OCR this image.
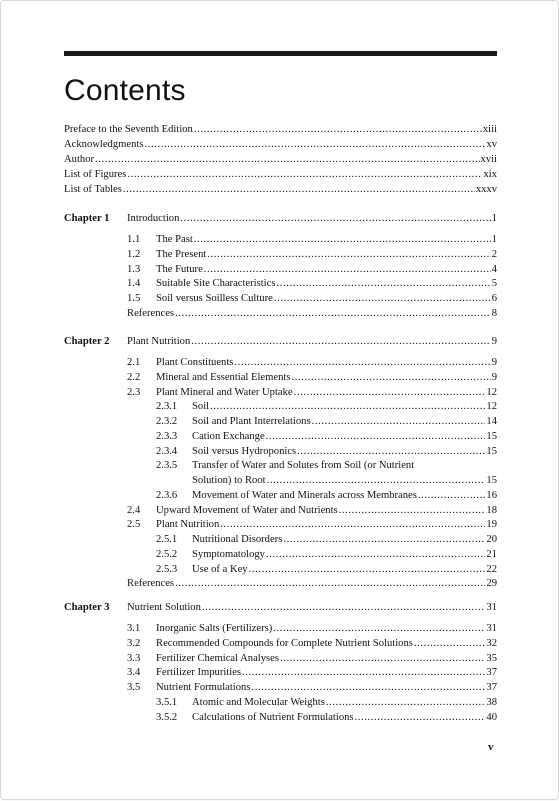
Contents
Preface to the Seventh Edition .....	xiii
Acknowledgments .....	xv
Author .....	xvii
List of Figures .....	xix
List of Tables .....	xxxv
Chapter 1 Introduction .....	1
1.1 The Past .....	1
1.2 The Present .....	2
1.3 The Future .....	4
1.4 Suitable Site Characteristics .....	5
1.5 Soil versus Soilless Culture .....	6
References .....	8
Chapter 2 Plant Nutrition .....	9
2.1 Plant Constituents .....	9
2.2 Mineral and Essential Elements .....	9
2.3 Plant Mineral and Water Uptake .....	12
2.3.1 Soil .....	12
2.3.2 Soil and Plant Interrelations .....	14
2.3.3 Cation Exchange .....	15
2.3.4 Soil versus Hydroponics .....	15
2.3.5 Transfer of Water and Solutes from Soil (or Nutrient
Solution) to Root .....	15
2.3.6 Movement of Water and Minerals across Membranes .....	16
2.4 Upward Movement of Water and Nutrients .....	18
2.5 Plant Nutrition .....	19
2.5.1 Nutritional Disorders .....	20
2.5.2 Symptomatology .....	21
2.5.3 Use of a Key .....	22
References .....	29
Chapter 3 Nutrient Solution .....	31
3.1 Inorganic Salts (Fertilizers) .....	31
3.2 Recommended Compounds for Complete Nutrient Solutions .....	32
3.3 Fertilizer Chemical Analyses .....	35
3.4 Fertilizer Impurities .....	37
3.5 Nutrient Formulations .....	37
3.5.1 Atomic and Molecular Weights .....	38
3.5.2 Calculations of Nutrient Formulations .....	40
v
